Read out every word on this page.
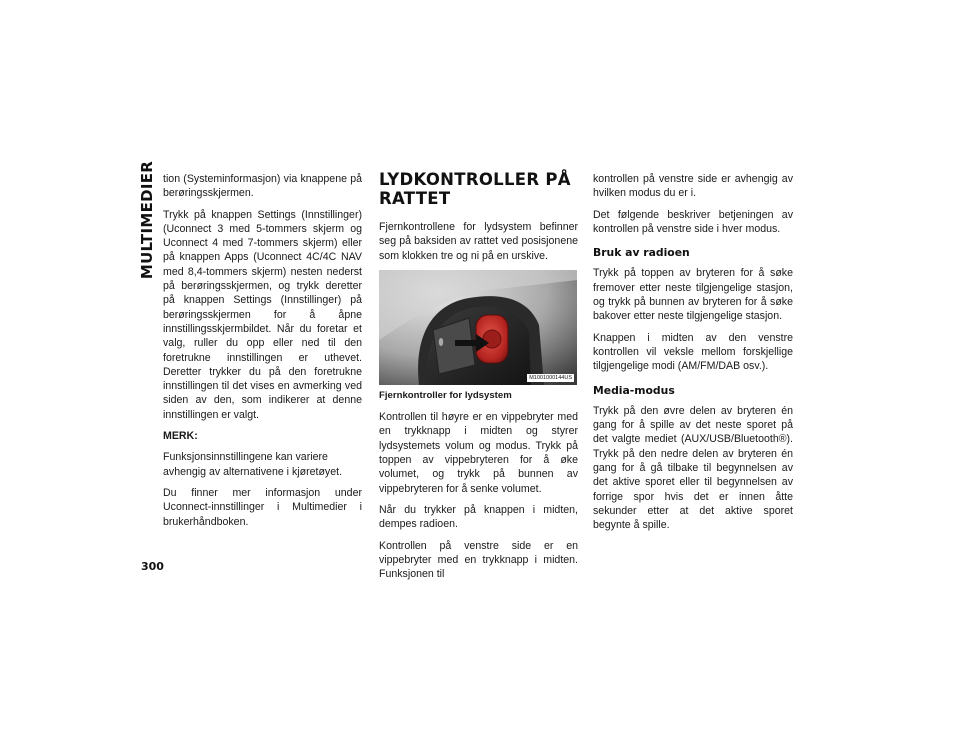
MULTIMEDIER tion (Systeminformasjon) via knappene på berøringsskjermen.

Trykk på knappen Settings (Innstillinger) (Uconnect 3 med 5-tommers skjerm og Uconnect 4 med 7-tommers skjerm) eller på knappen Apps (Uconnect 4C/4C NAV med 8,4-tommers skjerm) nesten nederst på berøringsskjermen, og trykk deretter på knappen Settings (Innstillinger) på berøringsskjermen for å åpne innstillingsskjermbildet. Når du foretar et valg, ruller du opp eller ned til den foretrukne innstillingen er uthevet. Deretter trykker du på den foretrukne innstillingen til det vises en avmerking ved siden av den, som indikerer at denne innstillingen er valgt.

MERK:

Funksjonsinnstillingene kan variere avhengig av alternativene i kjøretøyet.

Du finner mer informasjon under Uconnect-innstillinger i Multimedier i brukerhåndboken.

LYDKONTROLLER PÅ RATTET

Fjernkontrollene for lydsystem befinner seg på baksiden av rattet ved posisjonene som klokken tre og ni på en urskive.

M1001000144US

Fjernkontroller for lydsystem

Kontrollen til høyre er en vippebryter med en trykknapp i midten og styrer lydsystemets volum og modus. Trykk på toppen av vippebryteren for å øke volumet, og trykk på bunnen av vippebryteren for å senke volumet.

Når du trykker på knappen i midten, dempes radioen.

Kontrollen på venstre side er en vippebryter med en trykknapp i midten. Funksjonen til

kontrollen på venstre side er avhengig av hvilken modus du er i.

Det følgende beskriver betjeningen av kontrollen på venstre side i hver modus.

Bruk av radioen

Trykk på toppen av bryteren for å søke fremover etter neste tilgjengelige stasjon, og trykk på bunnen av bryteren for å søke bakover etter neste tilgjengelige stasjon.

Knappen i midten av den venstre kontrollen vil veksle mellom forskjellige tilgjengelige modi (AM/FM/DAB osv.).

Media-modus

Trykk på den øvre delen av bryteren én gang for å spille av det neste sporet på det valgte mediet (AUX/USB/Bluetooth®). Trykk på den nedre delen av bryteren én gang for å gå tilbake til begynnelsen av det aktive sporet eller til begynnelsen av forrige spor hvis det er innen åtte sekunder etter at det aktive sporet begynte å spille.

300
